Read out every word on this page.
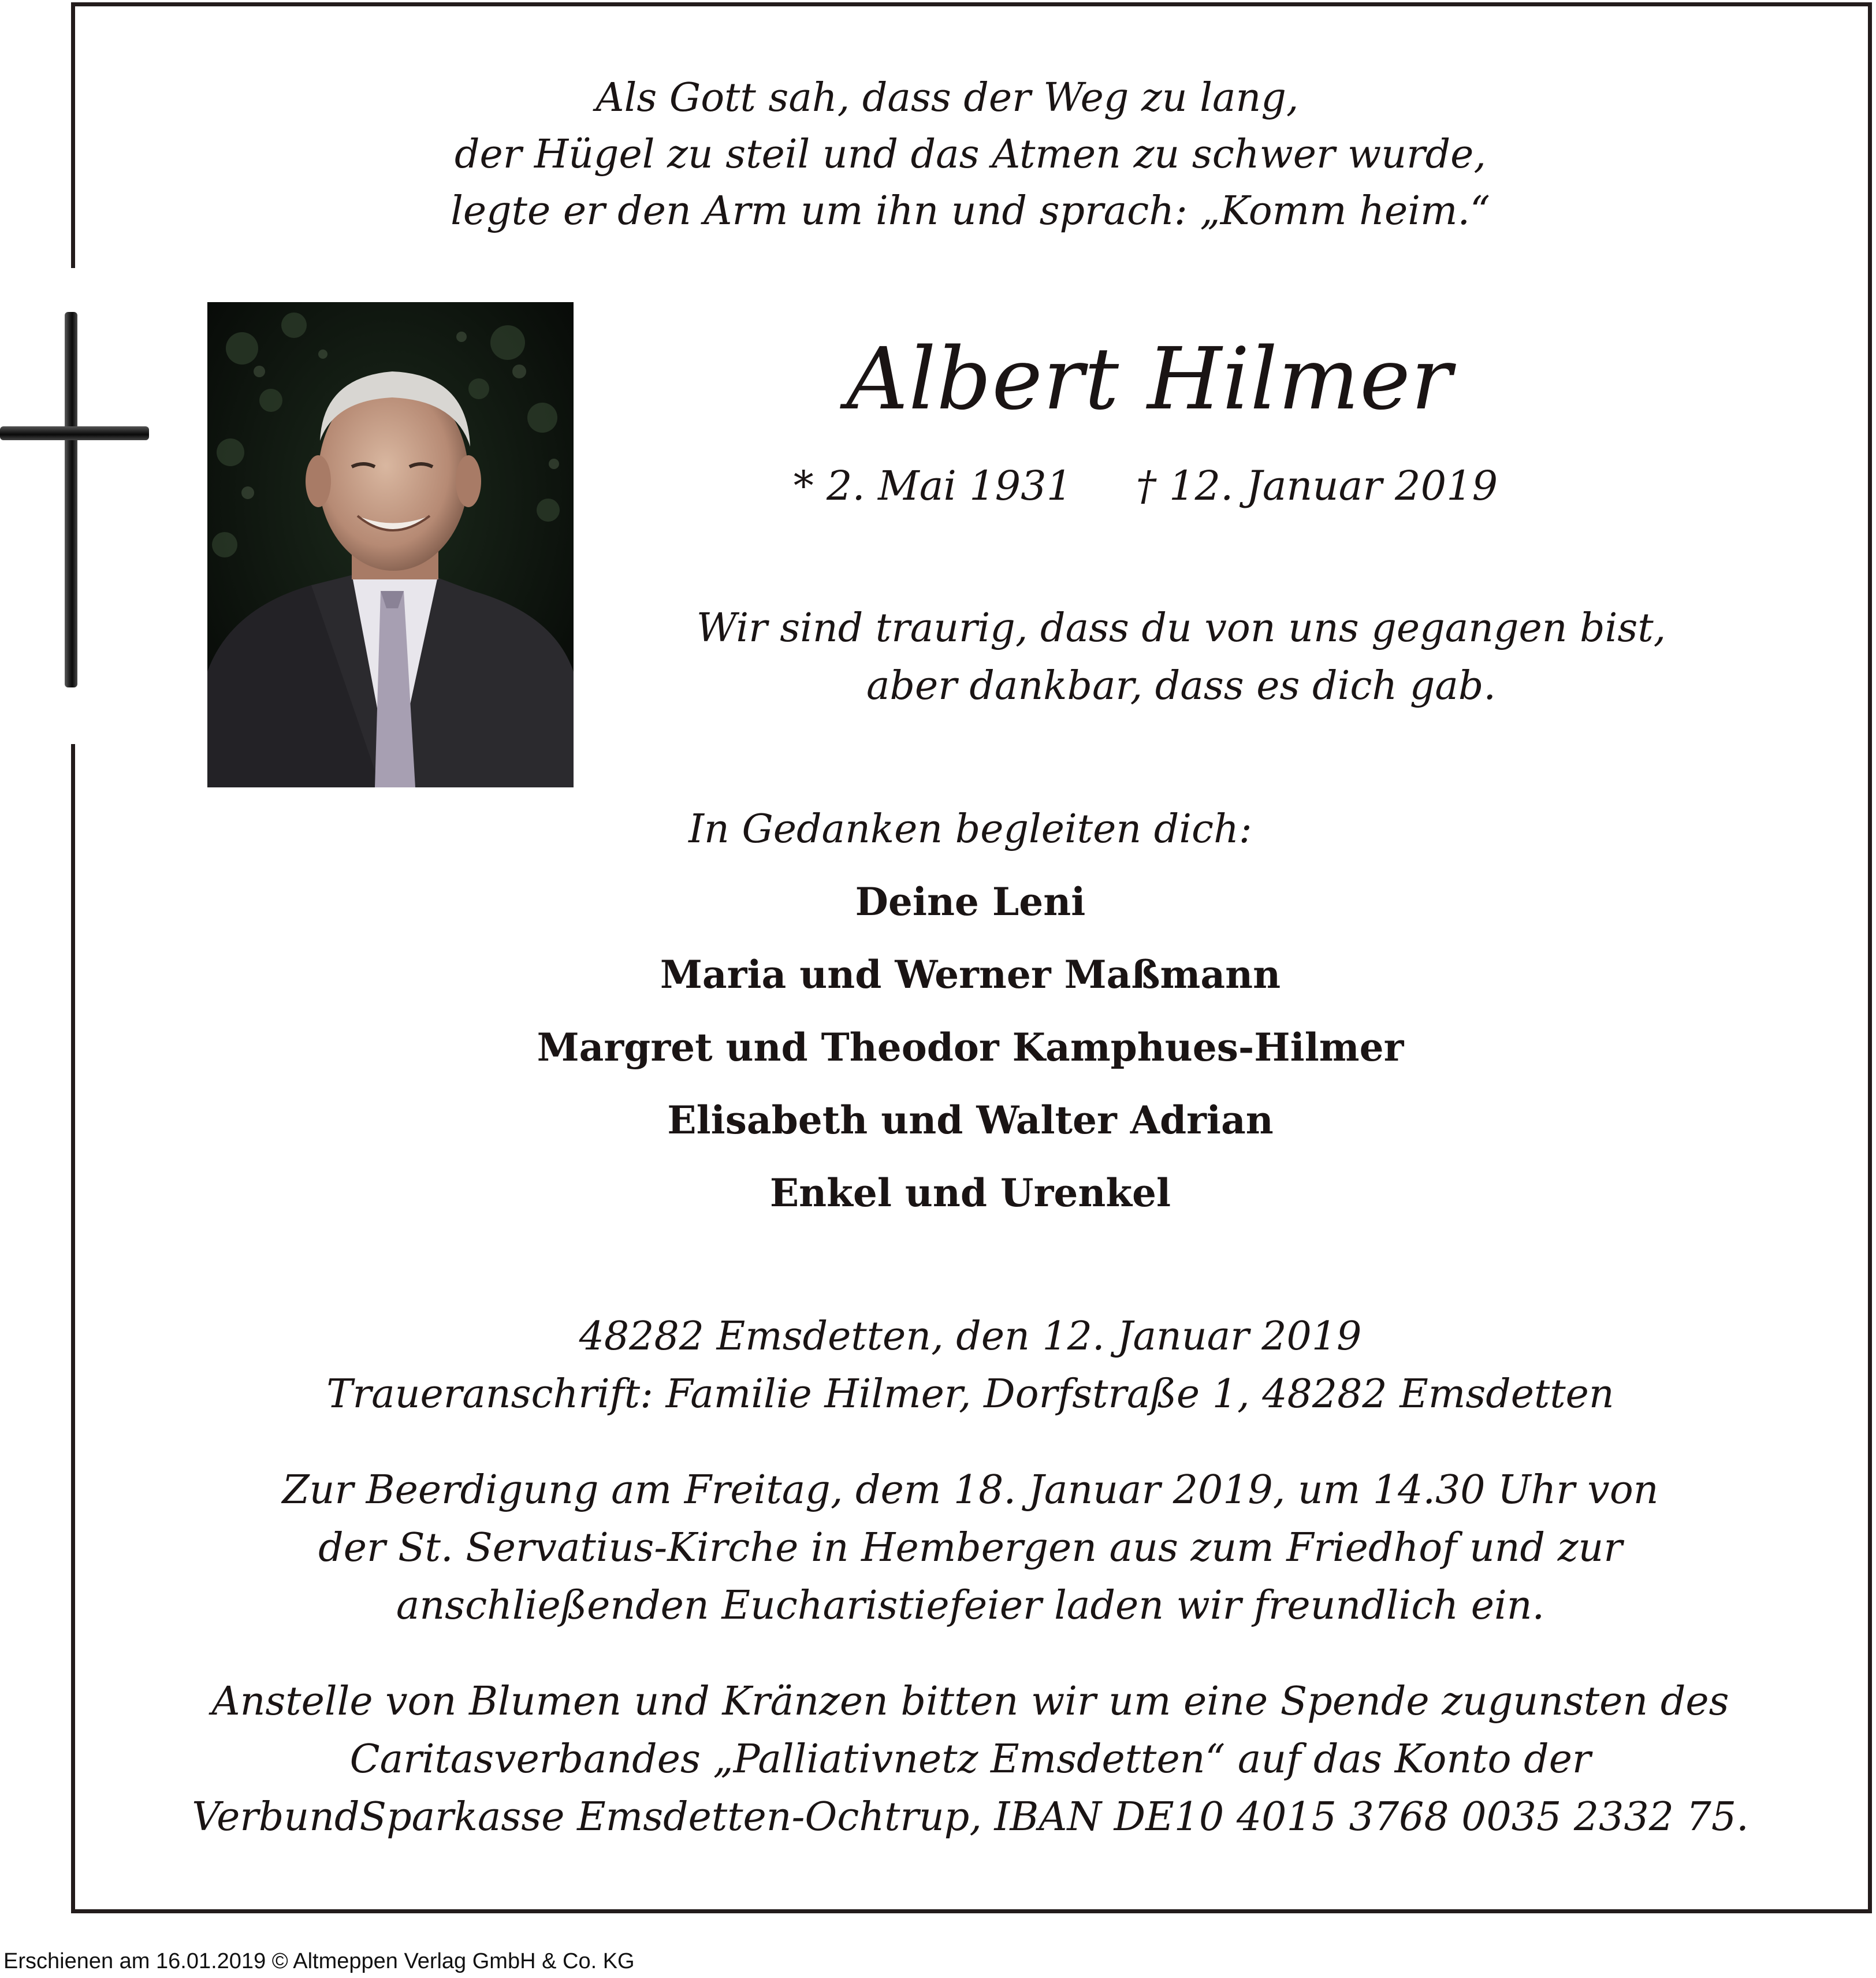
Als Gott sah, dass der Weg zu lang,
der Hügel zu steil und das Atmen zu schwer wurde,
legte er den Arm um ihn und sprach: „Komm heim.“
Albert Hilmer
* 2. Mai 1931 † 12. Januar 2019
Wir sind traurig, dass du von uns gegangen bist,
aber dankbar, dass es dich gab.
In Gedanken begleiten dich:
Deine Leni
Maria und Werner Maßmann
Margret und Theodor Kamphues-Hilmer
Elisabeth und Walter Adrian
Enkel und Urenkel
48282 Emsdetten, den 12. Januar 2019
Traueranschrift: Familie Hilmer, Dorfstraße 1, 48282 Emsdetten
Zur Beerdigung am Freitag, dem 18. Januar 2019, um 14.30 Uhr von
der St. Servatius-Kirche in Hembergen aus zum Friedhof und zur
anschließenden Eucharistiefeier laden wir freundlich ein.
Anstelle von Blumen und Kränzen bitten wir um eine Spende zugunsten des
Caritasverbandes „Palliativnetz Emsdetten“ auf das Konto der
VerbundSparkasse Emsdetten-Ochtrup, IBAN DE10 4015 3768 0035 2332 75.
Erschienen am 16.01.2019 © Altmeppen Verlag GmbH & Co. KG
